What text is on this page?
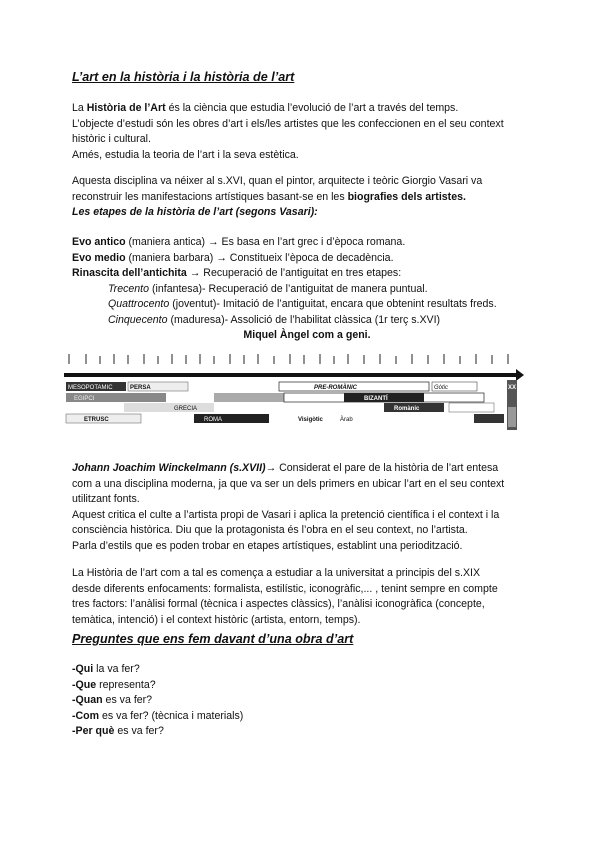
L’art en la història i la història de l’art
La Història de l’Art és la ciència que estudia l’evolució de l’art a través del temps.
L’objecte d’estudi són les obres d’art i els/les artistes que les confeccionen en el seu context
històric i cultural.
Amés, estudia la teoria de l’art i la seva estètica.
Aquesta disciplina va néixer al s.XVI, quan el pintor, arquitecte i teòric Giorgio Vasari va
reconstruir les manifestacions artístiques basant-se en les biografies dels artistes.
Les etapes de la història de l’art (segons Vasari):
Evo antico (maniera antica) → Es basa en l’art grec i d’època romana.
Evo medio (maniera barbara) → Constitueix l’època de decadència.
Rinascita dell’antichita → Recuperació de l’antiguitat en tres etapes:
Trecento (infantesa)- Recuperació de l’antiguitat de manera puntual.
Quattrocento (joventut)- Imitació de l’antiguitat, encara que obtenint resultats freds.
Cinquecento (maduresa)- Assolició de l’habilitat clàssica (1r terç s.XVI)
Miquel Àngel com a geni.
Johann Joachim Winckelmann (s.XVII)→ Considerat el pare de la història de l’art entesa
com a una disciplina moderna, ja que va ser un dels primers en ubicar l’art en el seu context
utilitzant fonts.
Aquest critica el culte a l’artista propi de Vasari i aplica la pretenció científica i el context i la
consciència històrica. Diu que la protagonista és l’obra en el seu context, no l’artista.
Parla d’estils que es poden trobar en etapes artístiques, establint una periodització.
La Història de l’art com a tal es comença a estudiar a la universitat a principis del s.XIX
desde diferents enfocaments: formalista, estilístic, iconogràfic,... , tenint sempre en compte
tres factors: l’anàlisi formal (tècnica i aspectes clàssics), l’anàlisi iconogràfica (concepte,
temàtica, intenció) i el context històric (artista, entorn, temps).
Preguntes que ens fem davant d’una obra d’art
-Qui la va fer?
-Que representa?
-Quan es va fer?
-Com es va fer? (tècnica i materials)
-Per què es va fer?
MESOPOTAMIC	PERSA
EGIPCI
GRECIA
ETRUSC	ROMA	Visigòtic	Àrab
PRE-ROMÀNIC	Gòtic
BIZANTÍ
Romànic
XX
